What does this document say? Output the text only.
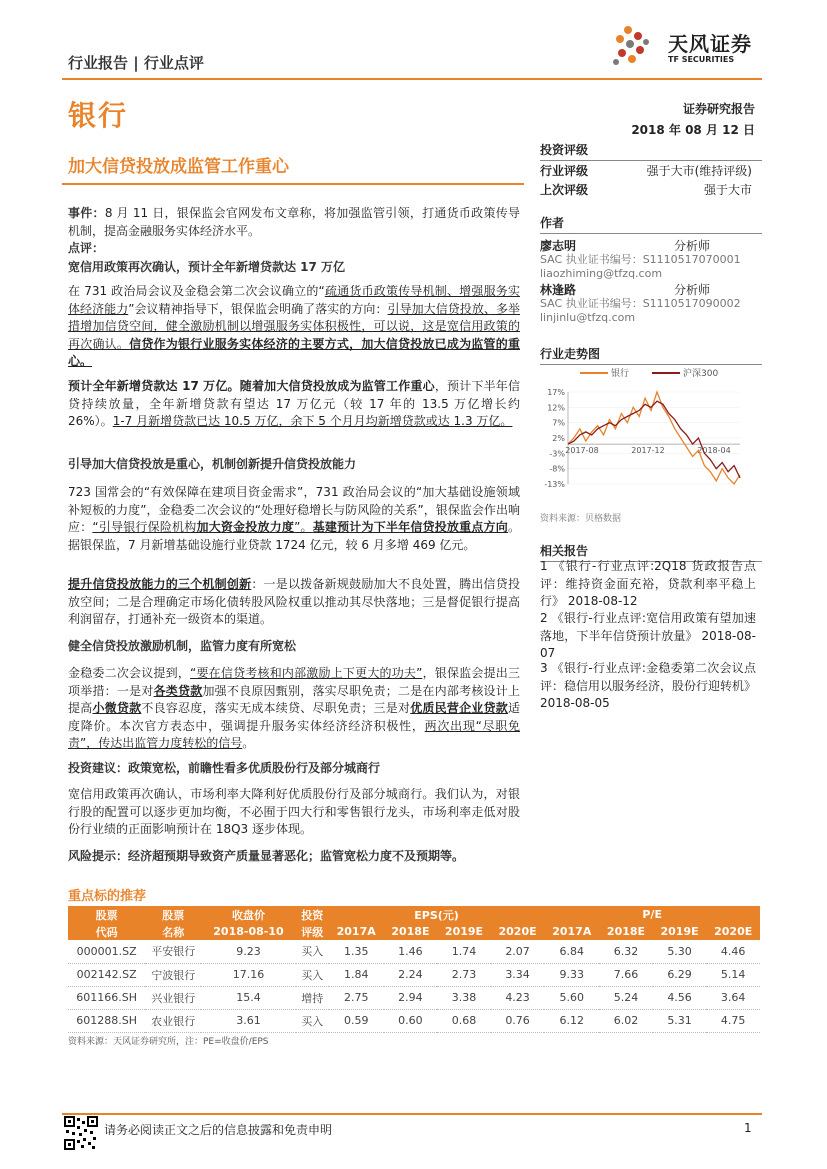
天风证券
TF SECURITIES
行业报告 | 行业点评
银行	证券研究报告
2018 年 08 月 12 日
加大信贷投放成监管工作重心
事件：8 月 11 日，银保监会官网发布文章称，将加强监管引领，打通货币政策传导机制，提高金融服务实体经济水平。
点评：
宽信用政策再次确认，预计全年新增贷款达 17 万亿
在 731 政治局会议及金稳会第二次会议确立的“疏通货币政策传导机制、增强服务实体经济能力”会议精神指导下，银保监会明确了落实的方向：引导加大信贷投放、多举措增加信贷空间，健全激励机制以增强服务实体积极性，可以说，这是宽信用政策的再次确认。信贷作为银行业服务实体经济的主要方式，加大信贷投放已成为监管的重心。
预计全年新增贷款达 17 万亿。随着加大信贷投放成为监管工作重心，预计下半年信贷持续放量，全年新增贷款有望达 17 万亿元（较 17 年的 13.5 万亿增长约 26%）。1-7 月新增贷款已达 10.5 万亿，余下 5 个月月均新增贷款或达 1.3 万亿。
引导加大信贷投放是重心，机制创新提升信贷投放能力
723 国常会的“有效保障在建项目资金需求”，731 政治局会议的“加大基础设施领域补短板的力度”，金稳委二次会议的“处理好稳增长与防风险的关系”，银保监会作出响应：“引导银行保险机构加大资金投放力度”。基建预计为下半年信贷投放重点方向。据银保监，7 月新增基础设施行业贷款 1724 亿元，较 6 月多增 469 亿元。
提升信贷投放能力的三个机制创新：一是以拨备新规鼓励加大不良处置，腾出信贷投放空间；二是合理确定市场化债转股风险权重以推动其尽快落地；三是督促银行提高利润留存，打通补充一级资本的渠道。
健全信贷投放激励机制，监管力度有所宽松
金稳委二次会议提到，“要在信贷考核和内部激励上下更大的功夫”，银保监会提出三项举措：一是对各类贷款加强不良原因甄别，落实尽职免责；二是在内部考核设计上提高小微贷款不良容忍度，落实无成本续贷、尽职免责；三是对优质民营企业贷款适度降价。本次官方表态中，强调提升服务实体经济经济积极性，两次出现“尽职免责”，传达出监管力度转松的信号。
投资建议：政策宽松，前瞻性看多优质股份行及部分城商行
宽信用政策再次确认，市场利率大降利好优质股份行及部分城商行。我们认为，对银行股的配置可以逐步更加均衡，不必囿于四大行和零售银行龙头，市场利率走低对股份行业绩的正面影响预计在 18Q3 逐步体现。
风险提示：经济超预期导致资产质量显著恶化；监管宽松力度不及预期等。
投资评级
行业评级	强于大市(维持评级)
上次评级	强于大市
作者
廖志明	分析师
SAC 执业证书编号：S1110517070001
liaozhiming@tfzq.com
林逢路	分析师
SAC 执业证书编号：S1110517090002
linjinlu@tfzq.com
行业走势图
银行	沪深300
17%
12%
7%
2%
-3%
-8%
-13%
2017-08	2017-12	2018-04
资料来源：贝格数据
相关报告
1 《银行-行业点评:2Q18 货政报告点评：维持资金面充裕，贷款利率平稳上行》 2018-08-12
2 《银行-行业点评:宽信用政策有望加速落地，下半年信贷预计放量》 2018-08-07
3 《银行-行业点评:金稳委第二次会议点评：稳信用以服务经济，股份行迎转机》 2018-08-05
重点标的推荐
股票	股票	收盘价	投资	EPS(元)				P/E			
代码	名称	2018-08-10	评级	2017A	2018E	2019E	2020E	2017A	2018E	2019E	2020E
000001.SZ	平安银行	9.23	买入	1.35	1.46	1.74	2.07	6.84	6.32	5.30	4.46
002142.SZ	宁波银行	17.16	买入	1.84	2.24	2.73	3.34	9.33	7.66	6.29	5.14
601166.SH	兴业银行	15.4	增持	2.75	2.94	3.38	4.23	5.60	5.24	4.56	3.64
601288.SH	农业银行	3.61	买入	0.59	0.60	0.68	0.76	6.12	6.02	5.31	4.75
资料来源：天风证券研究所，注：PE=收盘价/EPS
请务必阅读正文之后的信息披露和免责申明	1
